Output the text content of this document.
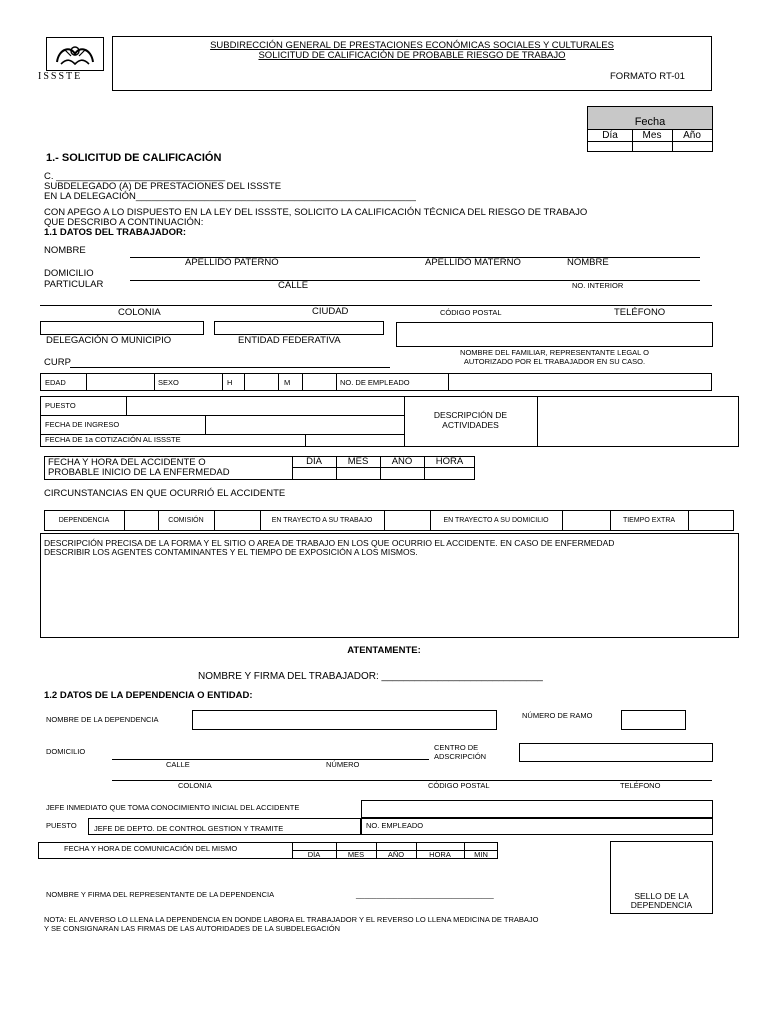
ISSSTE
SUBDIRECCIÓN GENERAL DE PRESTACIONES ECONÓMICAS SOCIALES Y CULTURALES
SOLICITUD DE CALIFICACIÓN DE PROBABLE RIESGO DE TRABAJO
FORMATO RT-01
Fecha
Día	Mes	Año
1.- SOLICITUD DE CALIFICACIÓN
C. ________________________________
SUBDELEGADO (A) DE PRESTACIONES DEL ISSSTE
EN LA DELEGACIÓN_____________________________________________________
CON APEGO A LO DISPUESTO EN LA LEY DEL ISSSTE, SOLICITO LA CALIFICACIÓN TÉCNICA DEL RIESGO DE TRABAJO
QUE DESCRIBO A CONTINUACIÓN:
1.1 DATOS DEL TRABAJADOR:
NOMBRE
APELLIDO PATERNO	APELLIDO MATERNO	NOMBRE
DOMICILIO
PARTICULAR	CALLE	NO. INTERIOR
COLONIA	CIUDAD	CÓDIGO POSTAL	TELÉFONO
DELEGACIÓN O MUNICIPIO	ENTIDAD FEDERATIVA
NOMBRE DEL FAMILIAR, REPRESENTANTE LEGAL O
AUTORIZADO POR EL TRABAJADOR EN SU CASO.
CURP
EDAD	SEXO	H	M	NO. DE EMPLEADO
PUESTO
FECHA DE INGRESO
FECHA DE 1a COTIZACIÓN AL ISSSTE
DESCRIPCIÓN DE
ACTIVIDADES
FECHA Y HORA DEL ACCIDENTE O
PROBABLE INICIO DE LA ENFERMEDAD
DÍA	MES	AÑO	HORA
CIRCUNSTANCIAS EN QUE OCURRIÓ EL ACCIDENTE
DEPENDENCIA	COMISIÓN	EN TRAYECTO A SU TRABAJO	EN TRAYECTO A SU DOMICILIO	TIEMPO EXTRA
DESCRIPCIÓN PRECISA DE LA FORMA Y EL SITIO O AREA DE TRABAJO EN LOS QUE OCURRIO EL ACCIDENTE. EN CASO DE ENFERMEDAD
DESCRIBIR LOS AGENTES CONTAMINANTES Y EL TIEMPO DE EXPOSICIÓN A LOS MISMOS.
ATENTAMENTE:
NOMBRE Y FIRMA DEL TRABAJADOR: _____________________________
1.2 DATOS DE LA DEPENDENCIA O ENTIDAD:
NOMBRE DE LA DEPENDENCIA	NÚMERO DE RAMO
DOMICILIO
CALLE	NÚMERO
CENTRO DE
ADSCRIPCIÓN
COLONIA	CÓDIGO POSTAL	TELÉFONO
JEFE INMEDIATO QUE TOMA CONOCIMIENTO INICIAL DEL ACCIDENTE
PUESTO JEFE DE DEPTO. DE CONTROL GESTION Y TRAMITE	NO. EMPLEADO
FECHA Y HORA DE COMUNICACIÓN DEL MISMO
DÍA	MES	AÑO	HORA	MIN
NOMBRE Y FIRMA DEL REPRESENTANTE DE LA DEPENDENCIA	_________________________________	SELLO DE LA
DEPENDENCIA
NOTA: EL ANVERSO LO LLENA LA DEPENDENCIA EN DONDE LABORA EL TRABAJADOR Y EL REVERSO LO LLENA MEDICINA DE TRABAJO
Y SE CONSIGNARAN LAS FIRMAS DE LAS AUTORIDADES DE LA SUBDELEGACIÓN
